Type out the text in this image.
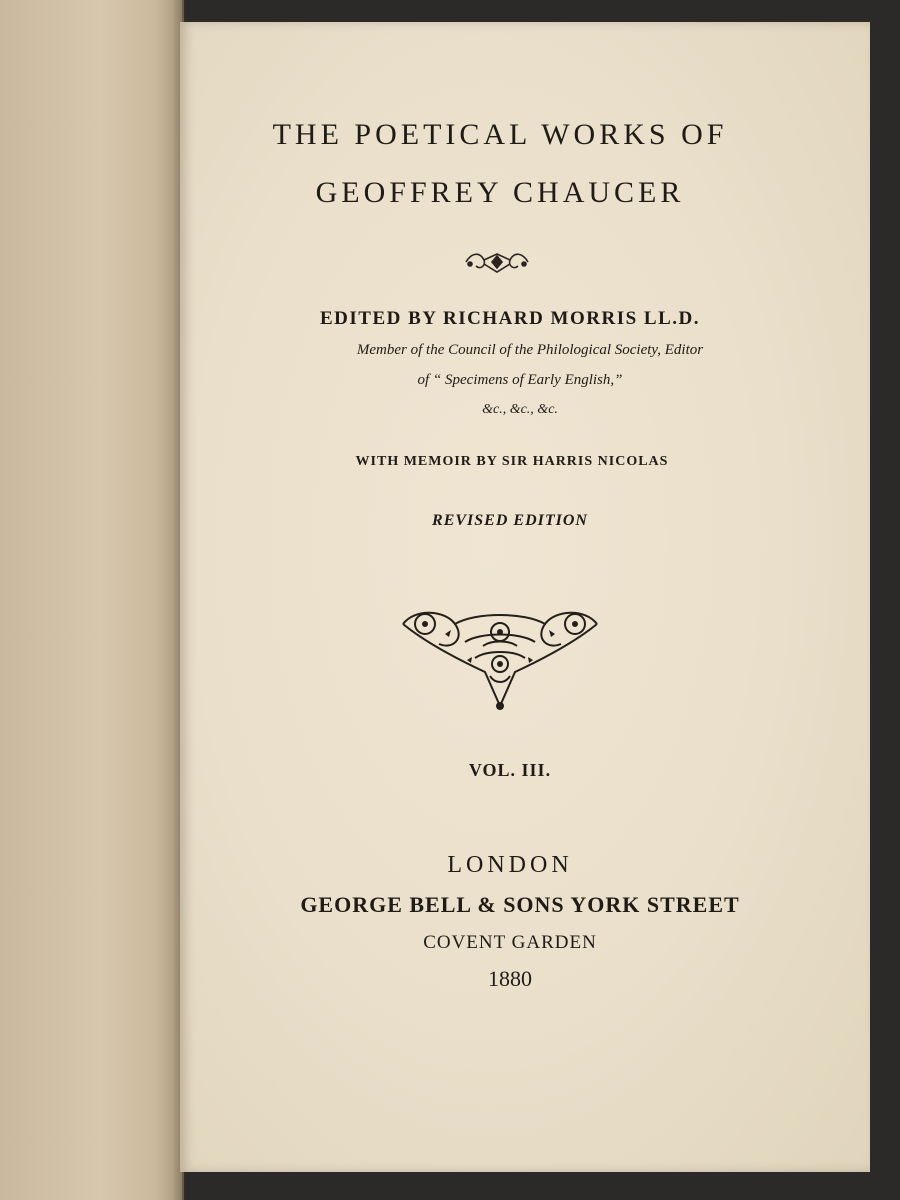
THE POETICAL WORKS OF
GEOFFREY CHAUCER
EDITED BY RICHARD MORRIS LL.D.
Member of the Council of the Philological Society, Editor
of “ Specimens of Early English,”
&c., &c., &c.
WITH MEMOIR BY SIR HARRIS NICOLAS
REVISED EDITION
VOL. III.
LONDON
GEORGE BELL & SONS YORK STREET
COVENT GARDEN
1880
